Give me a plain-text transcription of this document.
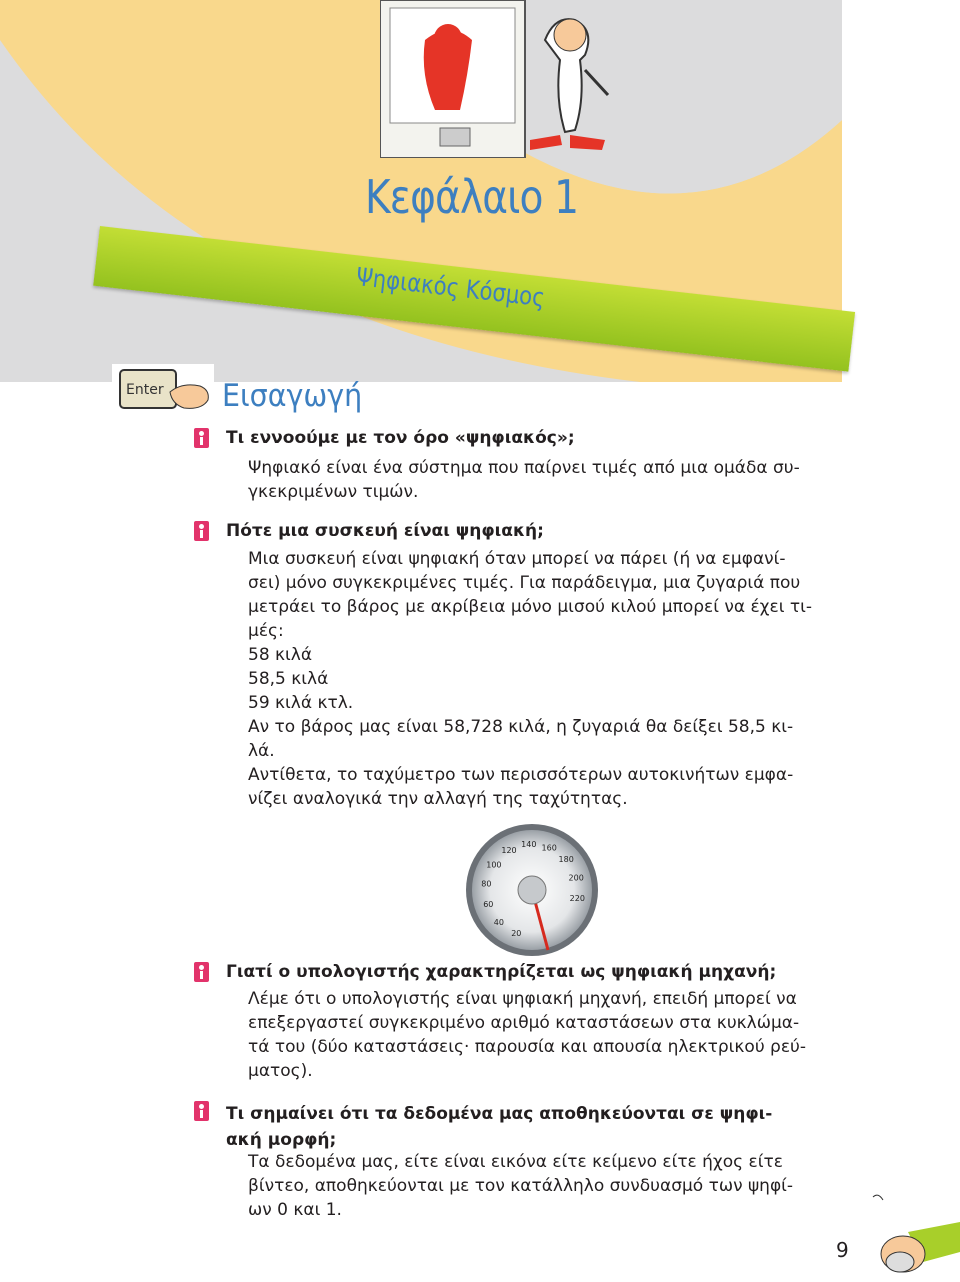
Κεφάλαιο 1
Ψηφιακός Κόσμος
Enter Εισαγωγή
Τι εννοούμε με τον όρο «ψηφιακός»;
Ψηφιακό είναι ένα σύστημα που παίρνει τιμές από μια ομάδα συ-
γκεκριμένων τιμών.
Πότε μια συσκευή είναι ψηφιακή;
Μια συσκευή είναι ψηφιακή όταν μπορεί να πάρει (ή να εμφανί-
σει) μόνο συγκεκριμένες τιμές. Για παράδειγμα, μια ζυγαριά που
μετράει το βάρος με ακρίβεια μόνο μισού κιλού μπορεί να έχει τι-
μές:
58 κιλά
58,5 κιλά
59 κιλά κτλ.
Αν το βάρος μας είναι 58,728 κιλά, η ζυγαριά θα δείξει 58,5 κι-
λά.
Αντίθετα, το ταχύμετρο των περισσότερων αυτοκινήτων εμφα-
νίζει αναλογικά την αλλαγή της ταχύτητας.
20
40
60
80
100
120
140 160
180
200
220
Γιατί ο υπολογιστής χαρακτηρίζεται ως ψηφιακή μηχανή;
Λέμε ότι ο υπολογιστής είναι ψηφιακή μηχανή, επειδή μπορεί να
επεξεργαστεί συγκεκριμένο αριθμό καταστάσεων στα κυκλώμα-
τά του (δύο καταστάσεις· παρουσία και απουσία ηλεκτρικού ρεύ-
ματος).
Τι σημαίνει ότι τα δεδομένα μας αποθηκεύονται σε ψηφι-
ακή μορφή;
Τα δεδομένα μας, είτε είναι εικόνα είτε κείμενο είτε ήχος είτε
βίντεο, αποθηκεύονται με τον κατάλληλο συνδυασμό των ψηφί-
ων 0 και 1.
9
